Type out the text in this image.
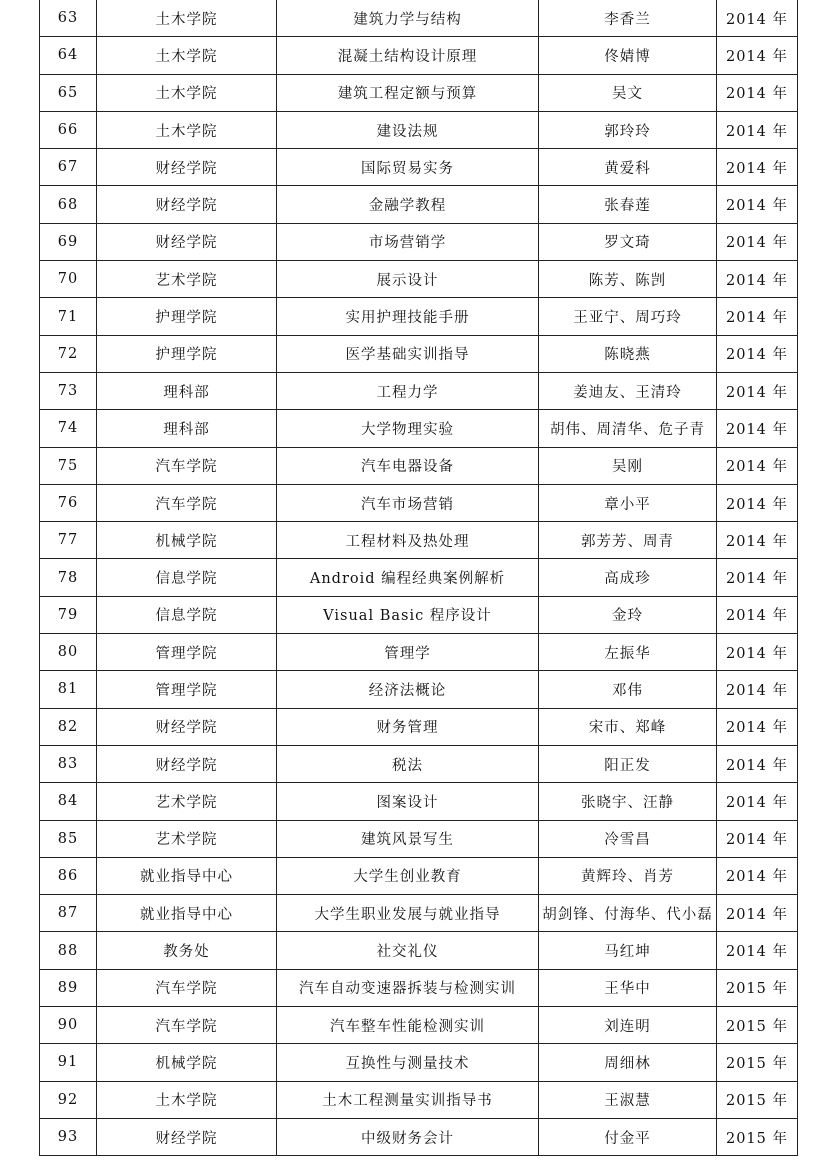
63	土木学院	建筑力学与结构	李香兰	2014 年
64	土木学院	混凝土结构设计原理	佟婧博	2014 年
65	土木学院	建筑工程定额与预算	吴文	2014 年
66	土木学院	建设法规	郭玲玲	2014 年
67	财经学院	国际贸易实务	黄爱科	2014 年
68	财经学院	金融学教程	张春莲	2014 年
69	财经学院	市场营销学	罗文琦	2014 年
70	艺术学院	展示设计	陈芳、陈剀	2014 年
71	护理学院	实用护理技能手册	王亚宁、周巧玲	2014 年
72	护理学院	医学基础实训指导	陈晓燕	2014 年
73	理科部	工程力学	姜迪友、王清玲	2014 年
74	理科部	大学物理实验	胡伟、周清华、危子青	2014 年
75	汽车学院	汽车电器设备	吴刚	2014 年
76	汽车学院	汽车市场营销	章小平	2014 年
77	机械学院	工程材料及热处理	郭芳芳、周青	2014 年
78	信息学院	Android 编程经典案例解析	高成珍	2014 年
79	信息学院	Visual Basic 程序设计	金玲	2014 年
80	管理学院	管理学	左振华	2014 年
81	管理学院	经济法概论	邓伟	2014 年
82	财经学院	财务管理	宋巿、郑峰	2014 年
83	财经学院	税法	阳正发	2014 年
84	艺术学院	图案设计	张晓宇、汪静	2014 年
85	艺术学院	建筑风景写生	冷雪昌	2014 年
86	就业指导中心	大学生创业教育	黄辉玲、肖芳	2014 年
87	就业指导中心	大学生职业发展与就业指导	胡剑锋、付海华、代小磊	2014 年
88	教务处	社交礼仪	马红坤	2014 年
89	汽车学院	汽车自动变速器拆装与检测实训	王华中	2015 年
90	汽车学院	汽车整车性能检测实训	刘连明	2015 年
91	机械学院	互换性与测量技术	周细林	2015 年
92	土木学院	土木工程测量实训指导书	王淑慧	2015 年
93	财经学院	中级财务会计	付金平	2015 年
